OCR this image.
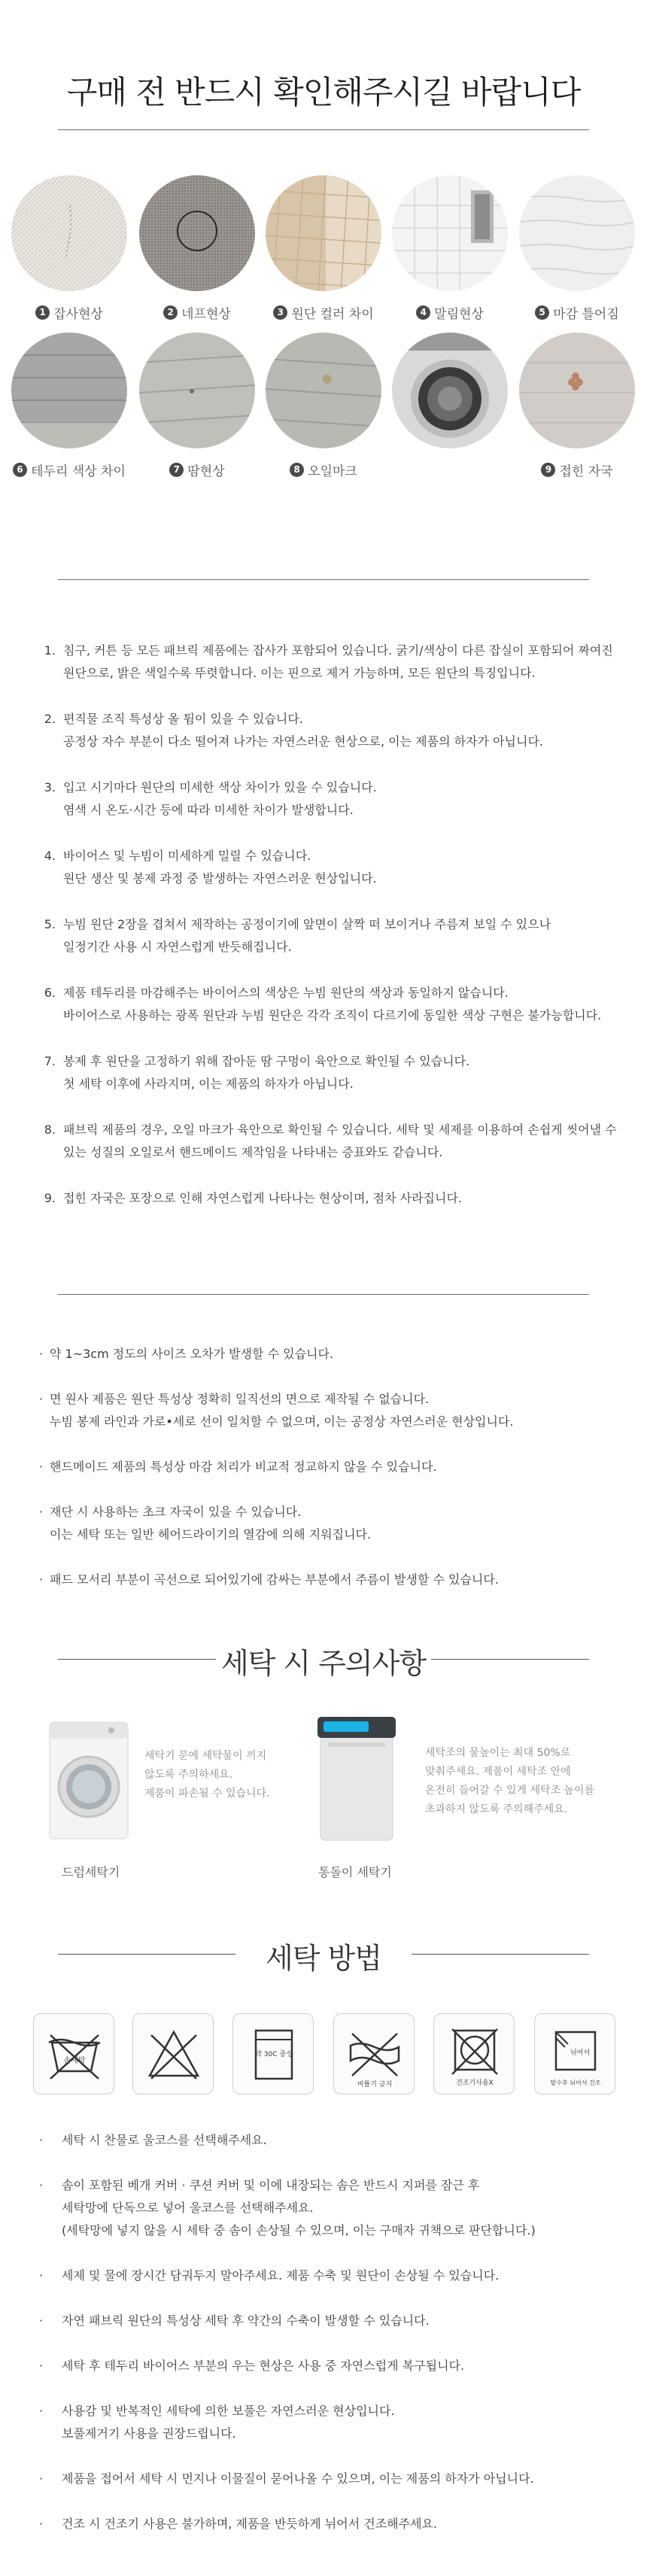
구매 전 반드시 확인해주시길 바랍니다
1 잡사현상	2 네프현상	3 원단 컬러 차이	4 말림현상	5 마감 틀어짐
6 테두리 색상 차이	7 땀현상	8 오일마크	9 접힌 자국
1. 침구, 커튼 등 모든 패브릭 제품에는 잡사가 포함되어 있습니다. 굵기/색상이 다른 잡실이 포함되어 짜여진
원단으로, 밝은 색일수록 뚜렷합니다. 이는 핀으로 제거 가능하며, 모든 원단의 특징입니다.
2. 편직물 조직 특성상 올 튐이 있을 수 있습니다.
공정상 자수 부분이 다소 떨어져 나가는 자연스러운 현상으로, 이는 제품의 하자가 아닙니다.
3. 입고 시기마다 원단의 미세한 색상 차이가 있을 수 있습니다.
염색 시 온도·시간 등에 따라 미세한 차이가 발생합니다.
4. 바이어스 및 누빔이 미세하게 밀릴 수 있습니다.
원단 생산 및 봉제 과정 중 발생하는 자연스러운 현상입니다.
5. 누빔 원단 2장을 겹쳐서 제작하는 공정이기에 앞면이 살짝 떠 보이거나 주름져 보일 수 있으나
일정기간 사용 시 자연스럽게 반듯해집니다.
6. 제품 테두리를 마감해주는 바이어스의 색상은 누빔 원단의 색상과 동일하지 않습니다.
바이어스로 사용하는 광폭 원단과 누빔 원단은 각각 조직이 다르기에 동일한 색상 구현은 불가능합니다.
7. 봉제 후 원단을 고정하기 위해 잡아둔 땀 구멍이 육안으로 확인될 수 있습니다.
첫 세탁 이후에 사라지며, 이는 제품의 하자가 아닙니다.
8. 패브릭 제품의 경우, 오일 마크가 육안으로 확인될 수 있습니다. 세탁 및 세제를 이용하여 손쉽게 씻어낼 수
있는 성질의 오일로서 핸드메이드 제작임을 나타내는 증표와도 같습니다.
9. 접힌 자국은 포장으로 인해 자연스럽게 나타나는 현상이며, 점차 사라집니다.
· 약 1~3cm 정도의 사이즈 오차가 발생할 수 있습니다.
· 면 원사 제품은 원단 특성상 정확히 일직선의 면으로 제작될 수 없습니다.
누빔 봉제 라인과 가로•세로 선이 일치할 수 없으며, 이는 공정상 자연스러운 현상입니다.
· 핸드메이드 제품의 특성상 마감 처리가 비교적 정교하지 않을 수 있습니다.
· 재단 시 사용하는 초크 자국이 있을 수 있습니다.
이는 세탁 또는 일반 헤어드라이기의 열감에 의해 지워집니다.
· 패드 모서리 부분이 곡선으로 되어있기에 감싸는 부분에서 주름이 발생할 수 있습니다.
세탁 시 주의사항
세탁기 문에 세탁물이 끼지
않도록 주의하세요.
제품이 파손될 수 있습니다.
드럼세탁기
세탁조의 물높이는 최대 50%로
맞춰주세요. 제품이 세탁조 안에
온전히 들어갈 수 있게 세탁조 높이를
초과하지 않도록 주의해주세요.
통돌이 세탁기
세탁 방법
손세탁
약 30C 중성
비틀기 금지	건조기사용X
뉘어서
탈수후 뉘어서 건조
·	세탁 시 찬물로 울코스를 선택해주세요.
·	솜이 포함된 베개 커버 · 쿠션 커버 및 이에 내장되는 솜은 반드시 지퍼를 잠근 후
세탁망에 단독으로 넣어 울코스를 선택해주세요.
(세탁망에 넣지 않을 시 세탁 중 솜이 손상될 수 있으며, 이는 구매자 귀책으로 판단합니다.)
·	세제 및 물에 장시간 담궈두지 말아주세요. 제품 수축 및 원단이 손상될 수 있습니다.
·	자연 패브릭 원단의 특성상 세탁 후 약간의 수축이 발생할 수 있습니다.
·	세탁 후 테두리 바이어스 부분의 우는 현상은 사용 중 자연스럽게 복구됩니다.
·	사용감 및 반복적인 세탁에 의한 보풀은 자연스러운 현상입니다.
보풀제거기 사용을 권장드립니다.
·	제품을 접어서 세탁 시 먼지나 이물질이 묻어나올 수 있으며, 이는 제품의 하자가 아닙니다.
·	건조 시 건조기 사용은 불가하며, 제품을 반듯하게 뉘어서 건조해주세요.
